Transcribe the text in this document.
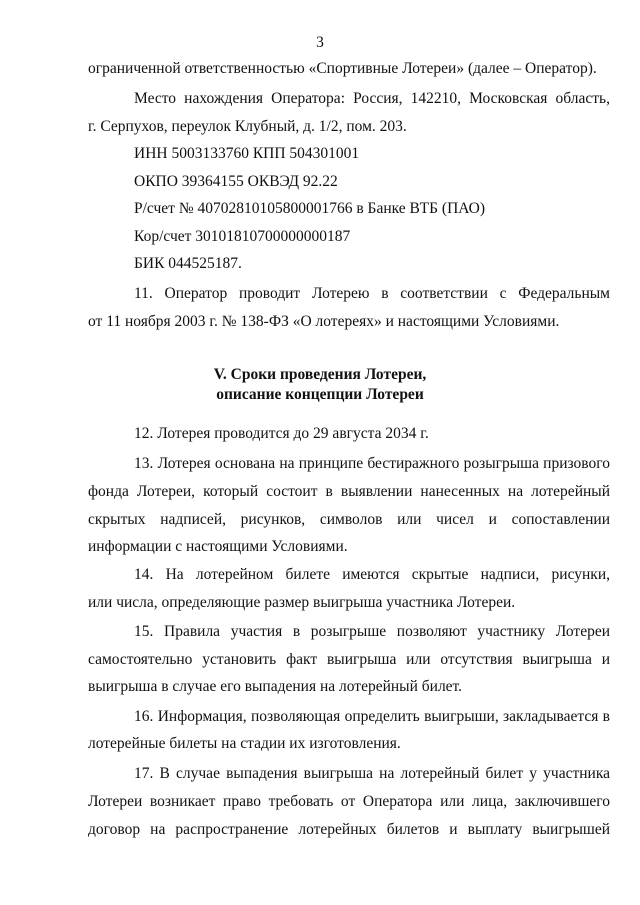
3
ограниченной ответственностью «Спортивные Лотереи» (далее – Оператор).
Место нахождения Оператора: Россия, 142210, Московская область,
г. Серпухов, переулок Клубный, д. 1/2, пом. 203.
ИНН 5003133760 КПП 504301001
ОКПО 39364155 ОКВЭД 92.22
Р/счет № 40702810105800001766 в Банке ВТБ (ПАО)
Кор/счет 30101810700000000187
БИК 044525187.
11. Оператор проводит Лотерею в соответствии с Федеральным
от 11 ноября 2003 г. № 138-ФЗ «О лотереях» и настоящими Условиями.
V. Сроки проведения Лотереи,
описание концепции Лотереи
12. Лотерея проводится до 29 августа 2034 г.
13. Лотерея основана на принципе бестиражного розыгрыша призового
фонда Лотереи, который состоит в выявлении нанесенных на лотерейный
скрытых надписей, рисунков, символов или чисел и сопоставлении
информации с настоящими Условиями.
14. На лотерейном билете имеются скрытые надписи, рисунки,
или числа, определяющие размер выигрыша участника Лотереи.
15. Правила участия в розыгрыше позволяют участнику Лотереи
самостоятельно установить факт выигрыша или отсутствия выигрыша и
выигрыша в случае его выпадения на лотерейный билет.
16. Информация, позволяющая определить выигрыши, закладывается в
лотерейные билеты на стадии их изготовления.
17. В случае выпадения выигрыша на лотерейный билет у участника
Лотереи возникает право требовать от Оператора или лица, заключившего
договор на распространение лотерейных билетов и выплату выигрышей
